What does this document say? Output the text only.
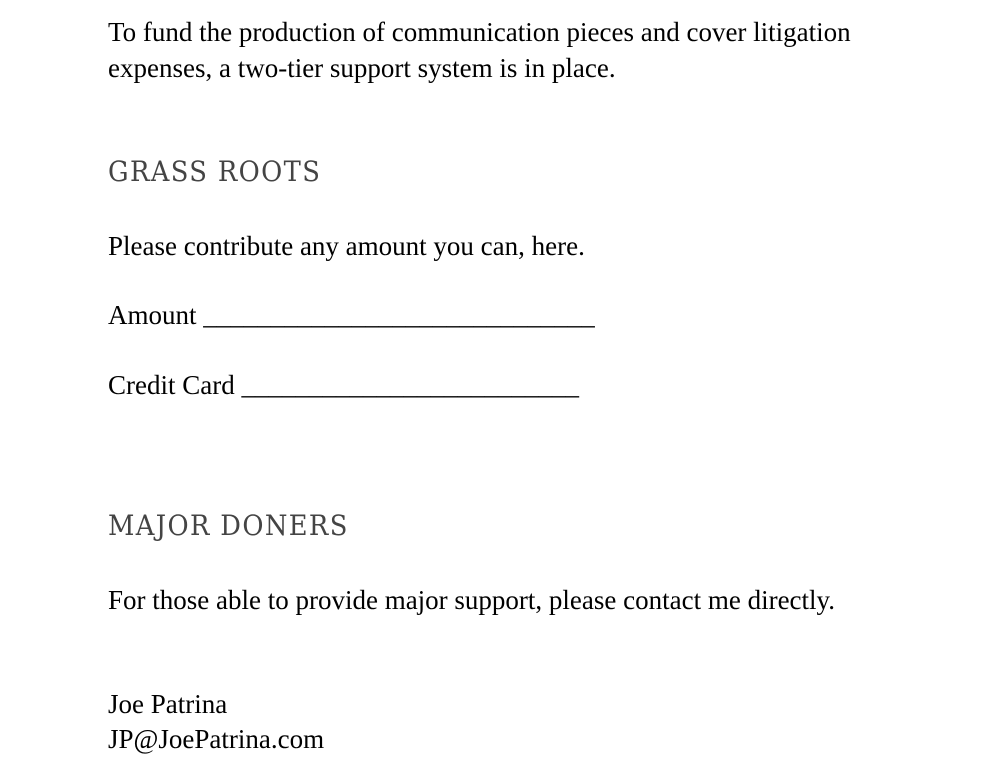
To fund the production of communication pieces and cover litigation expenses, a two-tier support system is in place.

GRASS ROOTS

Please contribute any amount you can, here.

Amount _____________________________
Credit Card _________________________
MAJOR DONERS

For those able to provide major support, please contact me directly.

Joe Patrina
JP@JoePatrina.com
